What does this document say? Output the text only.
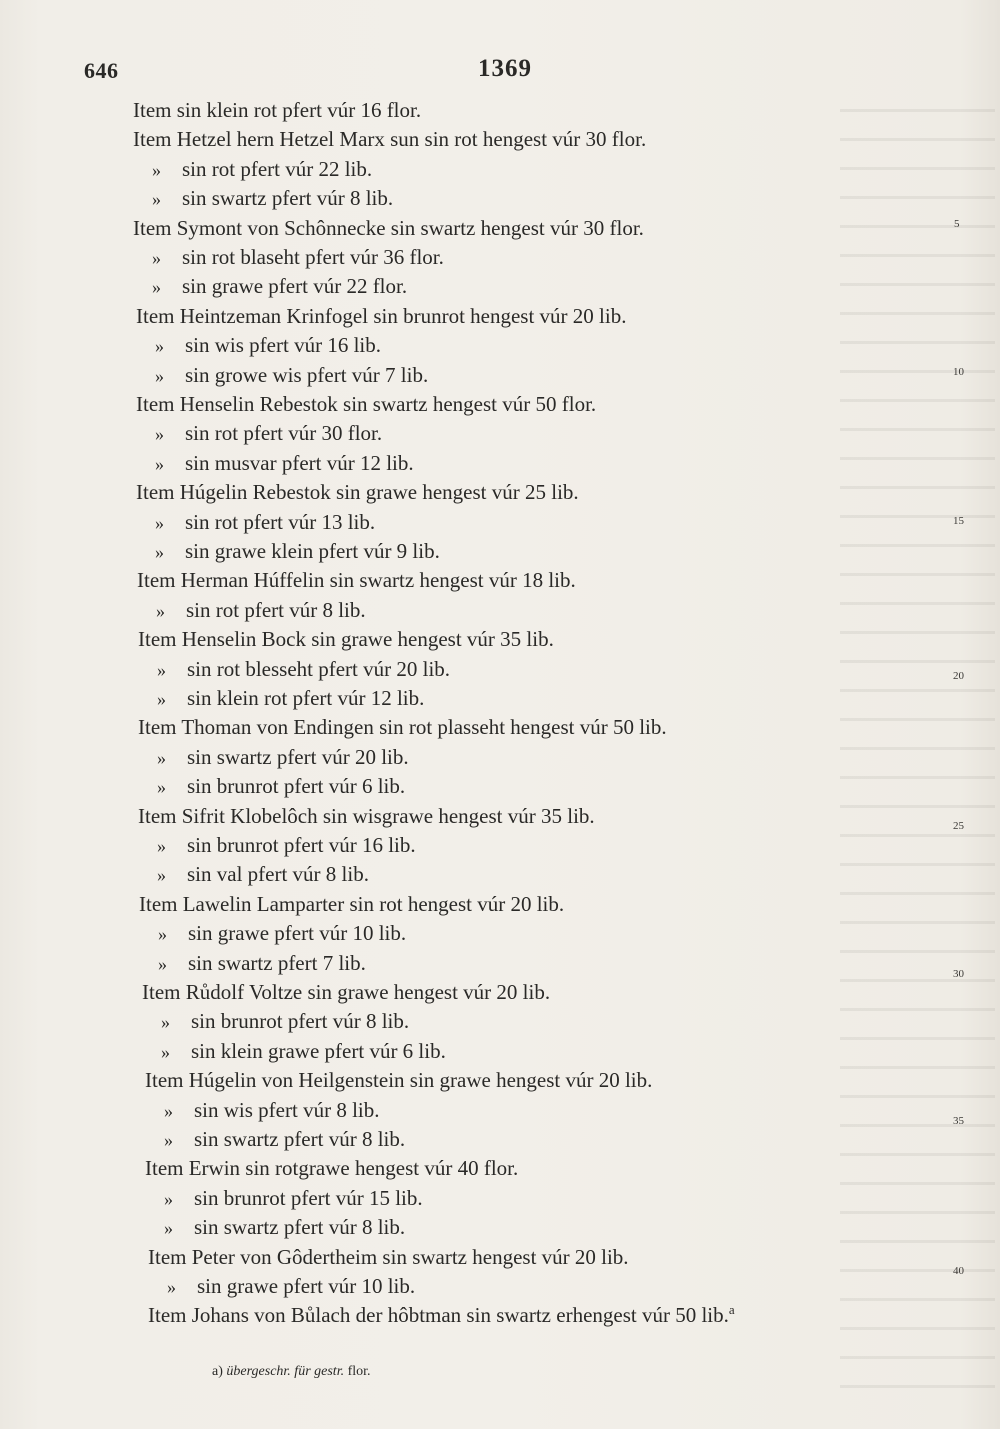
646	1369
Item sin klein rot pfert vúr 16 flor.
Item Hetzel hern Hetzel Marx sun sin rot hengest vúr 30 flor.
» sin rot pfert vúr 22 lib.
» sin swartz pfert vúr 8 lib.
Item Symont von Schônnecke sin swartz hengest vúr 30 flor.
» sin rot blaseht pfert vúr 36 flor.
» sin grawe pfert vúr 22 flor.
Item Heintzeman Krinfogel sin brunrot hengest vúr 20 lib.
» sin wis pfert vúr 16 lib.
» sin growe wis pfert vúr 7 lib.
Item Henselin Rebestok sin swartz hengest vúr 50 flor.
» sin rot pfert vúr 30 flor.
» sin musvar pfert vúr 12 lib.
Item Húgelin Rebestok sin grawe hengest vúr 25 lib.
» sin rot pfert vúr 13 lib.
» sin grawe klein pfert vúr 9 lib.
Item Herman Húffelin sin swartz hengest vúr 18 lib.
» sin rot pfert vúr 8 lib.
Item Henselin Bock sin grawe hengest vúr 35 lib.
» sin rot blesseht pfert vúr 20 lib.
» sin klein rot pfert vúr 12 lib.
Item Thoman von Endingen sin rot plasseht hengest vúr 50 lib.
» sin swartz pfert vúr 20 lib.
» sin brunrot pfert vúr 6 lib.
Item Sifrit Klobelôch sin wisgrawe hengest vúr 35 lib.
» sin brunrot pfert vúr 16 lib.
» sin val pfert vúr 8 lib.
Item Lawelin Lamparter sin rot hengest vúr 20 lib.
» sin grawe pfert vúr 10 lib.
» sin swartz pfert 7 lib.
Item Růdolf Voltze sin grawe hengest vúr 20 lib.
» sin brunrot pfert vúr 8 lib.
» sin klein grawe pfert vúr 6 lib.
Item Húgelin von Heilgenstein sin grawe hengest vúr 20 lib.
» sin wis pfert vúr 8 lib.
» sin swartz pfert vúr 8 lib.
Item Erwin sin rotgrawe hengest vúr 40 flor.
» sin brunrot pfert vúr 15 lib.
» sin swartz pfert vúr 8 lib.
Item Peter von Gôdertheim sin swartz hengest vúr 20 lib.
» sin grawe pfert vúr 10 lib.
Item Johans von Bůlach der hôbtman sin swartz erhengest vúr 50 lib.$^a$
5
10
15
20
25
30
35
40
a) übergeschr. für gestr. flor.
